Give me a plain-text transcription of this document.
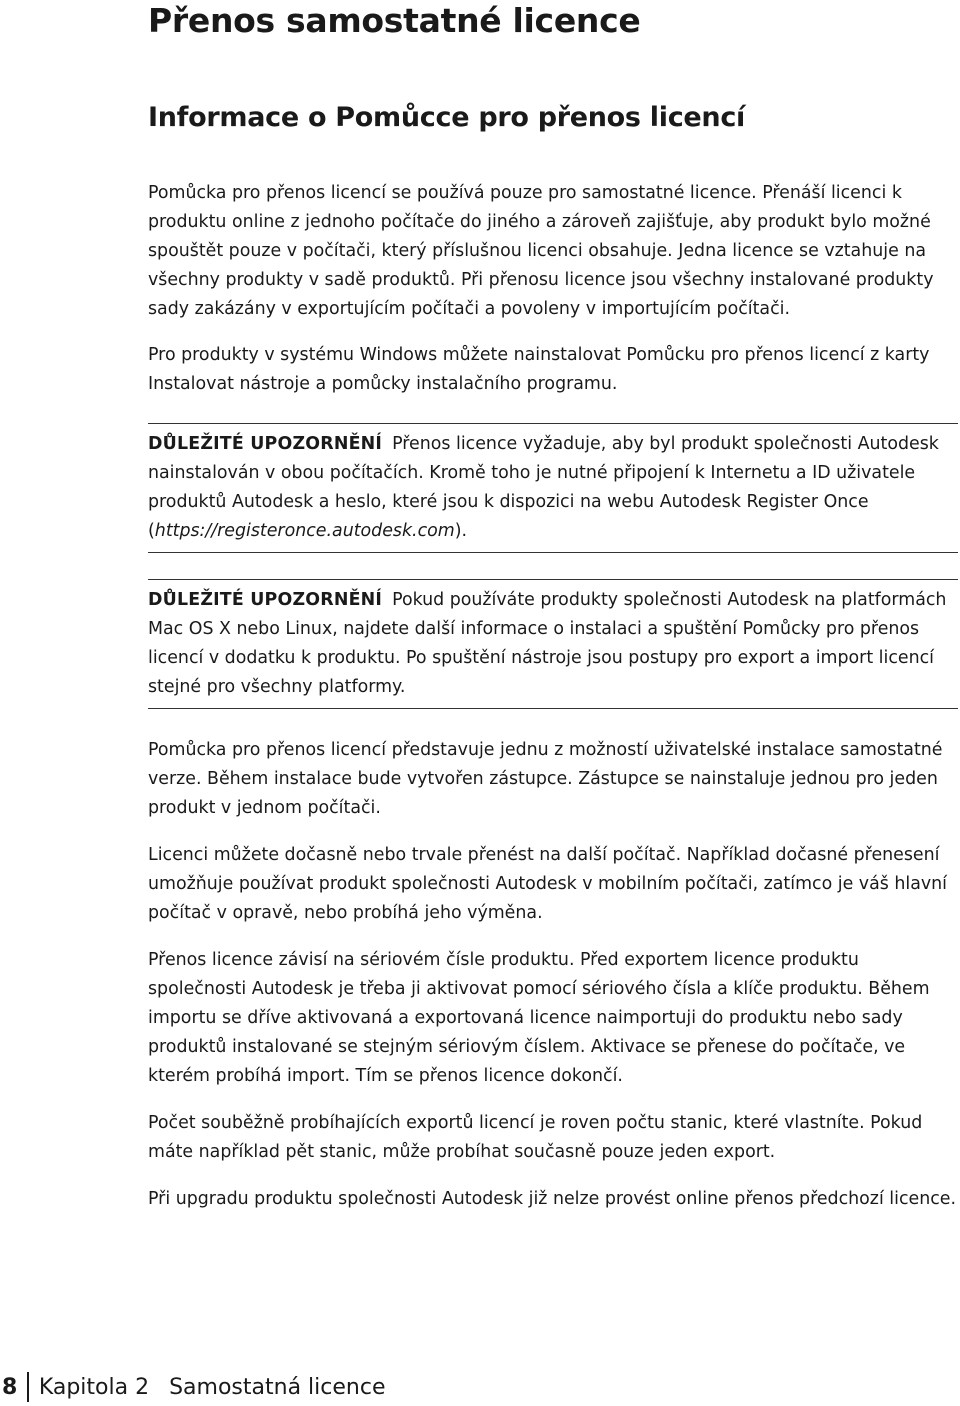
Přenos samostatné licence
Informace o Pomůcce pro přenos licencí

Pomůcka pro přenos licencí se používá pouze pro samostatné licence. Přenáší licenci k produktu online z jednoho počítače do jiného a zároveň zajišťuje, aby produkt bylo možné spouštět pouze v počítači, který příslušnou licenci obsahuje. Jedna licence se vztahuje na všechny produkty v sadě produktů. Při přenosu licence jsou všechny instalované produkty sady zakázány v exportujícím počítači a povoleny v importujícím počítači.

Pro produkty v systému Windows můžete nainstalovat Pomůcku pro přenos licencí z karty Instalovat nástroje a pomůcky instalačního programu.

DŮLEŽITÉ UPOZORNĚNÍ Přenos licence vyžaduje, aby byl produkt společnosti Autodesk nainstalován v obou počítačích. Kromě toho je nutné připojení k Internetu a ID uživatele produktů Autodesk a heslo, které jsou k dispozici na webu Autodesk Register Once (https://registeronce.autodesk.com).

DŮLEŽITÉ UPOZORNĚNÍ Pokud používáte produkty společnosti Autodesk na platformách Mac OS X nebo Linux, najdete další informace o instalaci a spuštění Pomůcky pro přenos licencí v dodatku k produktu. Po spuštění nástroje jsou postupy pro export a import licencí stejné pro všechny platformy.

Pomůcka pro přenos licencí představuje jednu z možností uživatelské instalace samostatné verze. Během instalace bude vytvořen zástupce. Zástupce se nainstaluje jednou pro jeden produkt v jednom počítači.

Licenci můžete dočasně nebo trvale přenést na další počítač. Například dočasné přenesení umožňuje používat produkt společnosti Autodesk v mobilním počítači, zatímco je váš hlavní počítač v opravě, nebo probíhá jeho výměna.

Přenos licence závisí na sériovém čísle produktu. Před exportem licence produktu společnosti Autodesk je třeba ji aktivovat pomocí sériového čísla a klíče produktu. Během importu se dříve aktivovaná a exportovaná licence naimportuji do produktu nebo sady produktů instalované se stejným sériovým číslem. Aktivace se přenese do počítače, ve kterém probíhá import. Tím se přenos licence dokončí.

Počet souběžně probíhajících exportů licencí je roven počtu stanic, které vlastníte. Pokud máte například pět stanic, může probíhat současně pouze jeden export.

Při upgradu produktu společnosti Autodesk již nelze provést online přenos předchozí licence.

8 Kapitola 2 Samostatná licence
